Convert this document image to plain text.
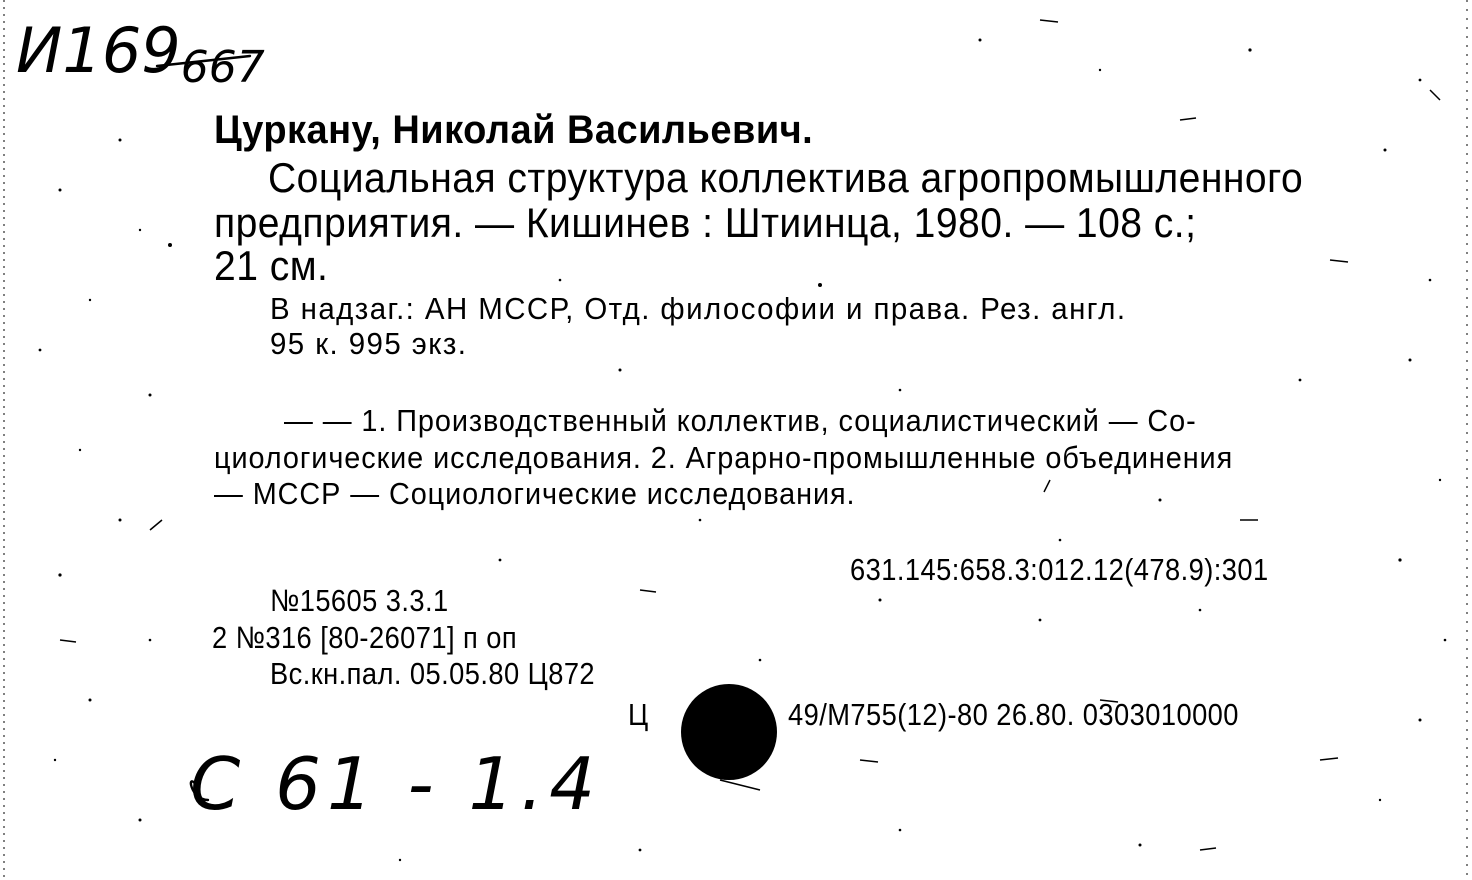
И169667
Цуркану, Николай Васильевич.
Социальная структура коллектива агропромышленного
предприятия. — Кишинев : Штиинца, 1980. — 108 с.;
21 см.
В надзаг.: АН МССР, Отд. философии и права. Рез. англ.
95 к. 995 экз.
— — 1. Производственный коллектив, социалистический — Со-
циологические исследования. 2. Аграрно-промышленные объединения
— МССР — Социологические исследования.
631.145:658.3:012.12(478.9):301
№15605 3.3.1
2 №316 [80-26071] п оп
Вс.кн.пал. 05.05.80 Ц872
Ц	49/М755(12)-80 26.80. 0303010000
С 61 - 1.4
